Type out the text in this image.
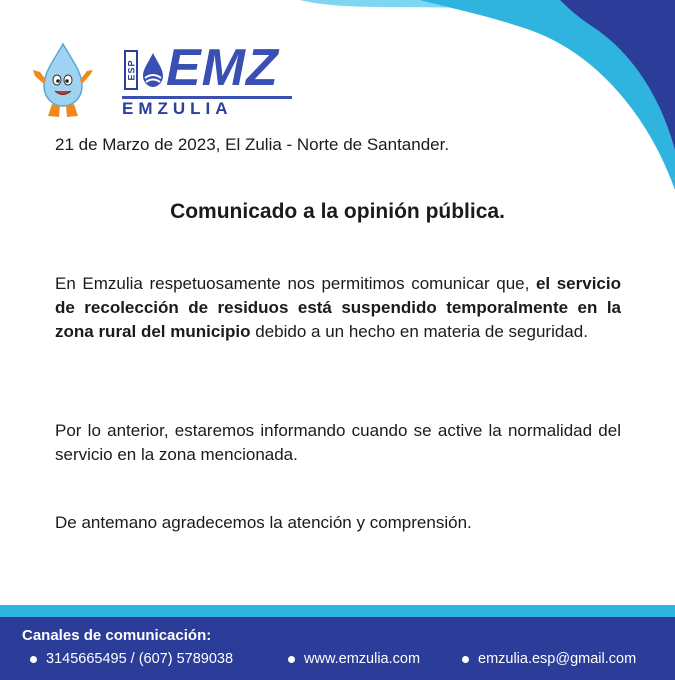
ESP EMZ
EMZULIA
21 de Marzo de 2023, El Zulia - Norte de Santander.
Comunicado a la opinión pública.

En Emzulia respetuosamente nos permitimos comunicar que, el servicio de recolección de residuos está suspendido temporalmente en la zona rural del municipio debido a un hecho en materia de seguridad.

Por lo anterior, estaremos informando cuando se active la normalidad del servicio en la zona mencionada.

De antemano agradecemos la atención y comprensión.

Canales de comunicación:
3145665495 / (607) 5789038	www.emzulia.com	emzulia.esp@gmail.com
